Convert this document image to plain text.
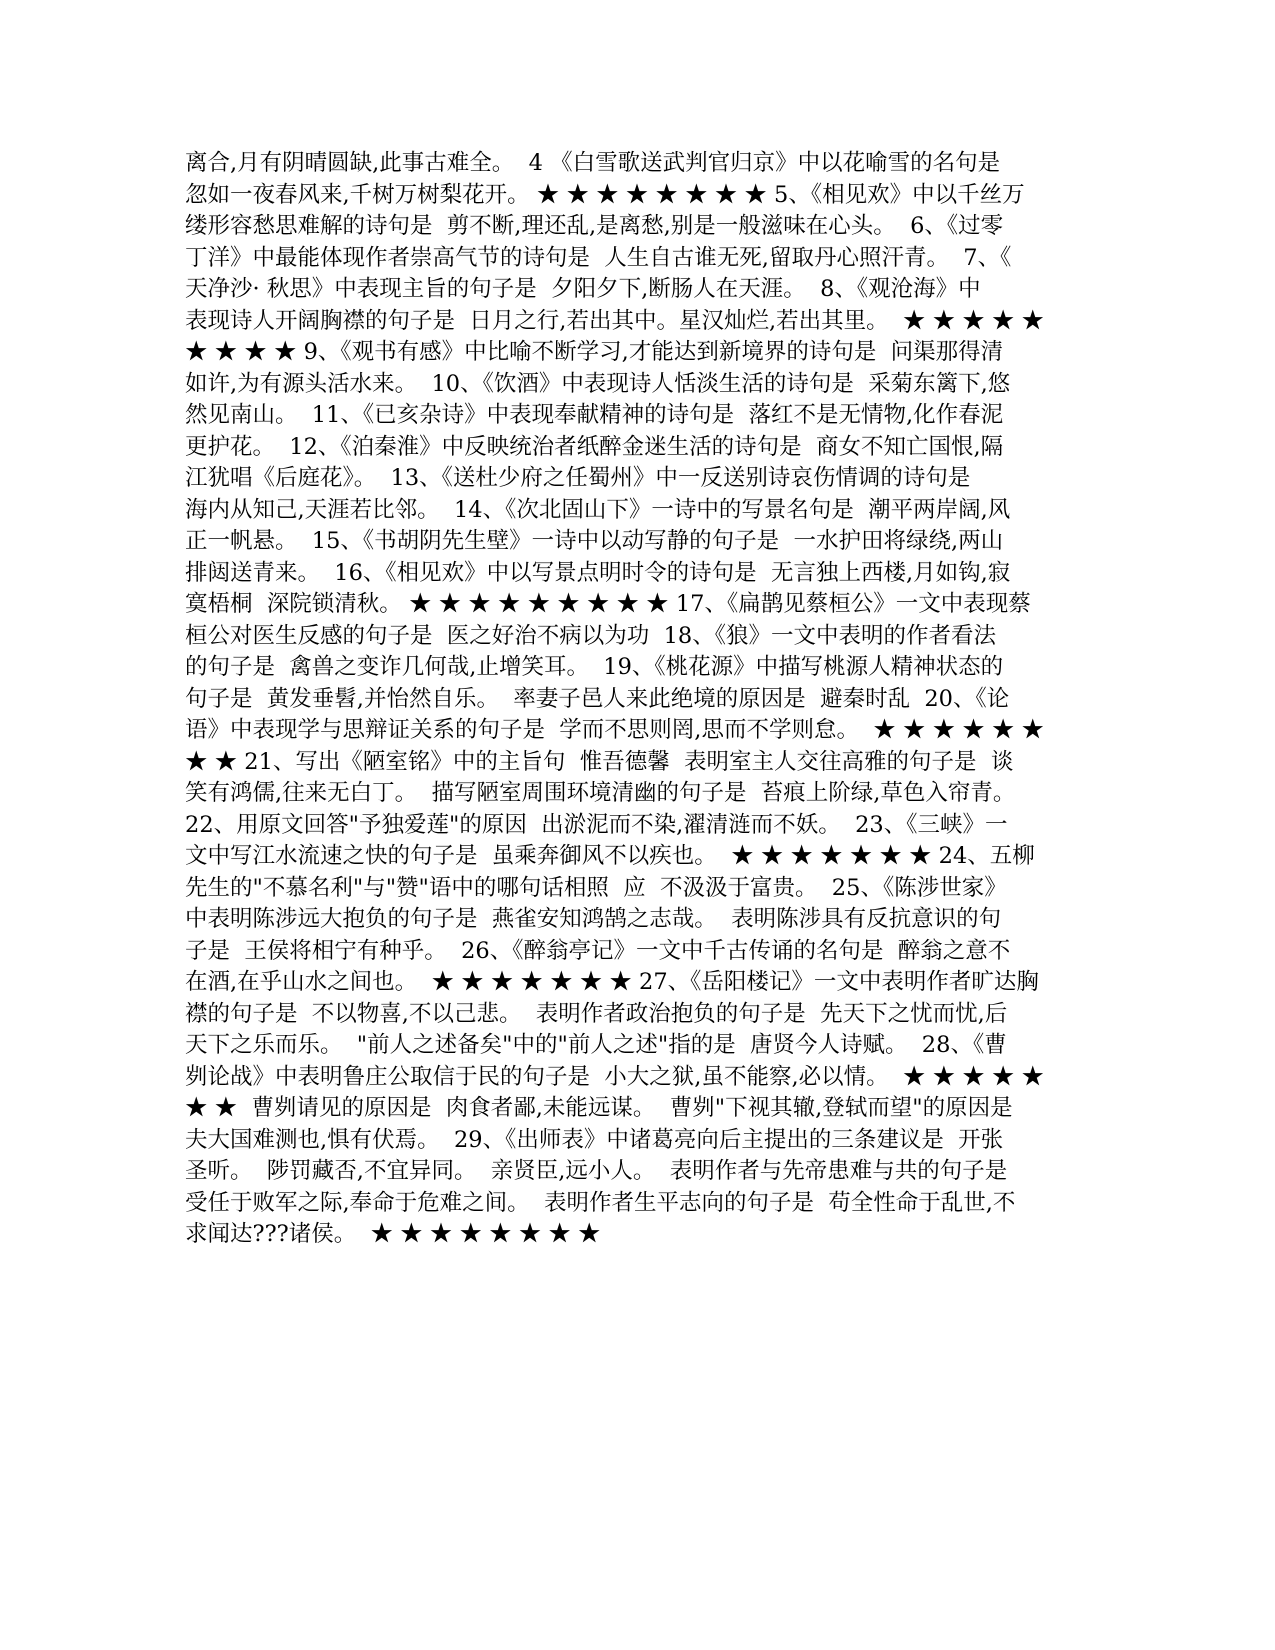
离合,月有阴晴圆缺,此事古难全。  4 《白雪歌送武判官归京》中以花喻雪的名句是
忽如一夜春风来,千树万树梨花开。 ★ ★ ★ ★ ★ ★ ★ ★ 5、《相见欢》中以千丝万
缕形容愁思难解的诗句是  剪不断,理还乱,是离愁,别是一般滋味在心头。  6、《过零
丁洋》中最能体现作者崇高气节的诗句是  人生自古谁无死,留取丹心照汗青。  7、《
天净沙· 秋思》中表现主旨的句子是  夕阳夕下,断肠人在天涯。  8、《观沧海》中
表现诗人开阔胸襟的句子是  日月之行,若出其中。星汉灿烂,若出其里。  ★ ★ ★ ★ ★
★ ★ ★ ★ 9、《观书有感》中比喻不断学习,才能达到新境界的诗句是  问渠那得清
如许,为有源头活水来。  10、《饮酒》中表现诗人恬淡生活的诗句是  采菊东篱下,悠
然见南山。  11、《已亥杂诗》中表现奉献精神的诗句是  落红不是无情物,化作春泥
更护花。  12、《泊秦淮》中反映统治者纸醉金迷生活的诗句是  商女不知亡国恨,隔
江犹唱《后庭花》。  13、《送杜少府之任蜀州》中一反送别诗哀伤情调的诗句是
海内从知己,天涯若比邻。  14、《次北固山下》一诗中的写景名句是  潮平两岸阔,风
正一帆悬。  15、《书胡阴先生壁》一诗中以动写静的句子是  一水护田将绿绕,两山
排闼送青来。  16、《相见欢》中以写景点明时令的诗句是  无言独上西楼,月如钩,寂
寞梧桐  深院锁清秋。 ★ ★ ★ ★ ★ ★ ★ ★ ★ 17、《扁鹊见蔡桓公》一文中表现蔡
桓公对医生反感的句子是  医之好治不病以为功  18、《狼》一文中表明的作者看法
的句子是  禽兽之变诈几何哉,止增笑耳。  19、《桃花源》中描写桃源人精神状态的
句子是  黄发垂髫,并怡然自乐。  率妻子邑人来此绝境的原因是  避秦时乱  20、《论
语》中表现学与思辩证关系的句子是  学而不思则罔,思而不学则怠。  ★ ★ ★ ★ ★ ★
★ ★ 21、写出《陋室铭》中的主旨句  惟吾德馨  表明室主人交往高雅的句子是  谈
笑有鸿儒,往来无白丁。  描写陋室周围环境清幽的句子是  苔痕上阶绿,草色入帘青。
22、用原文回答"予独爱莲"的原因  出淤泥而不染,濯清涟而不妖。  23、《三峡》一
文中写江水流速之快的句子是  虽乘奔御风不以疾也。  ★ ★ ★ ★ ★ ★ ★ 24、五柳
先生的"不慕名利"与"赞"语中的哪句话相照  应  不汲汲于富贵。  25、《陈涉世家》
中表明陈涉远大抱负的句子是  燕雀安知鸿鹄之志哉。  表明陈涉具有反抗意识的句
子是  王侯将相宁有种乎。  26、《醉翁亭记》一文中千古传诵的名句是  醉翁之意不
在酒,在乎山水之间也。  ★ ★ ★ ★ ★ ★ ★ 27、《岳阳楼记》一文中表明作者旷达胸
襟的句子是  不以物喜,不以己悲。  表明作者政治抱负的句子是  先天下之忧而忧,后
天下之乐而乐。  "前人之述备矣"中的"前人之述"指的是  唐贤今人诗赋。  28、《曹
刿论战》中表明鲁庄公取信于民的句子是  小大之狱,虽不能察,必以情。  ★ ★ ★ ★ ★
★ ★  曹刿请见的原因是  肉食者鄙,未能远谋。  曹刿"下视其辙,登轼而望"的原因是
夫大国难测也,惧有伏焉。  29、《出师表》中诸葛亮向后主提出的三条建议是  开张
圣听。  陟罚藏否,不宜异同。  亲贤臣,远小人。  表明作者与先帝患难与共的句子是
受任于败军之际,奉命于危难之间。  表明作者生平志向的句子是  苟全性命于乱世,不
求闻达???诸侯。  ★ ★ ★ ★ ★ ★ ★ ★
